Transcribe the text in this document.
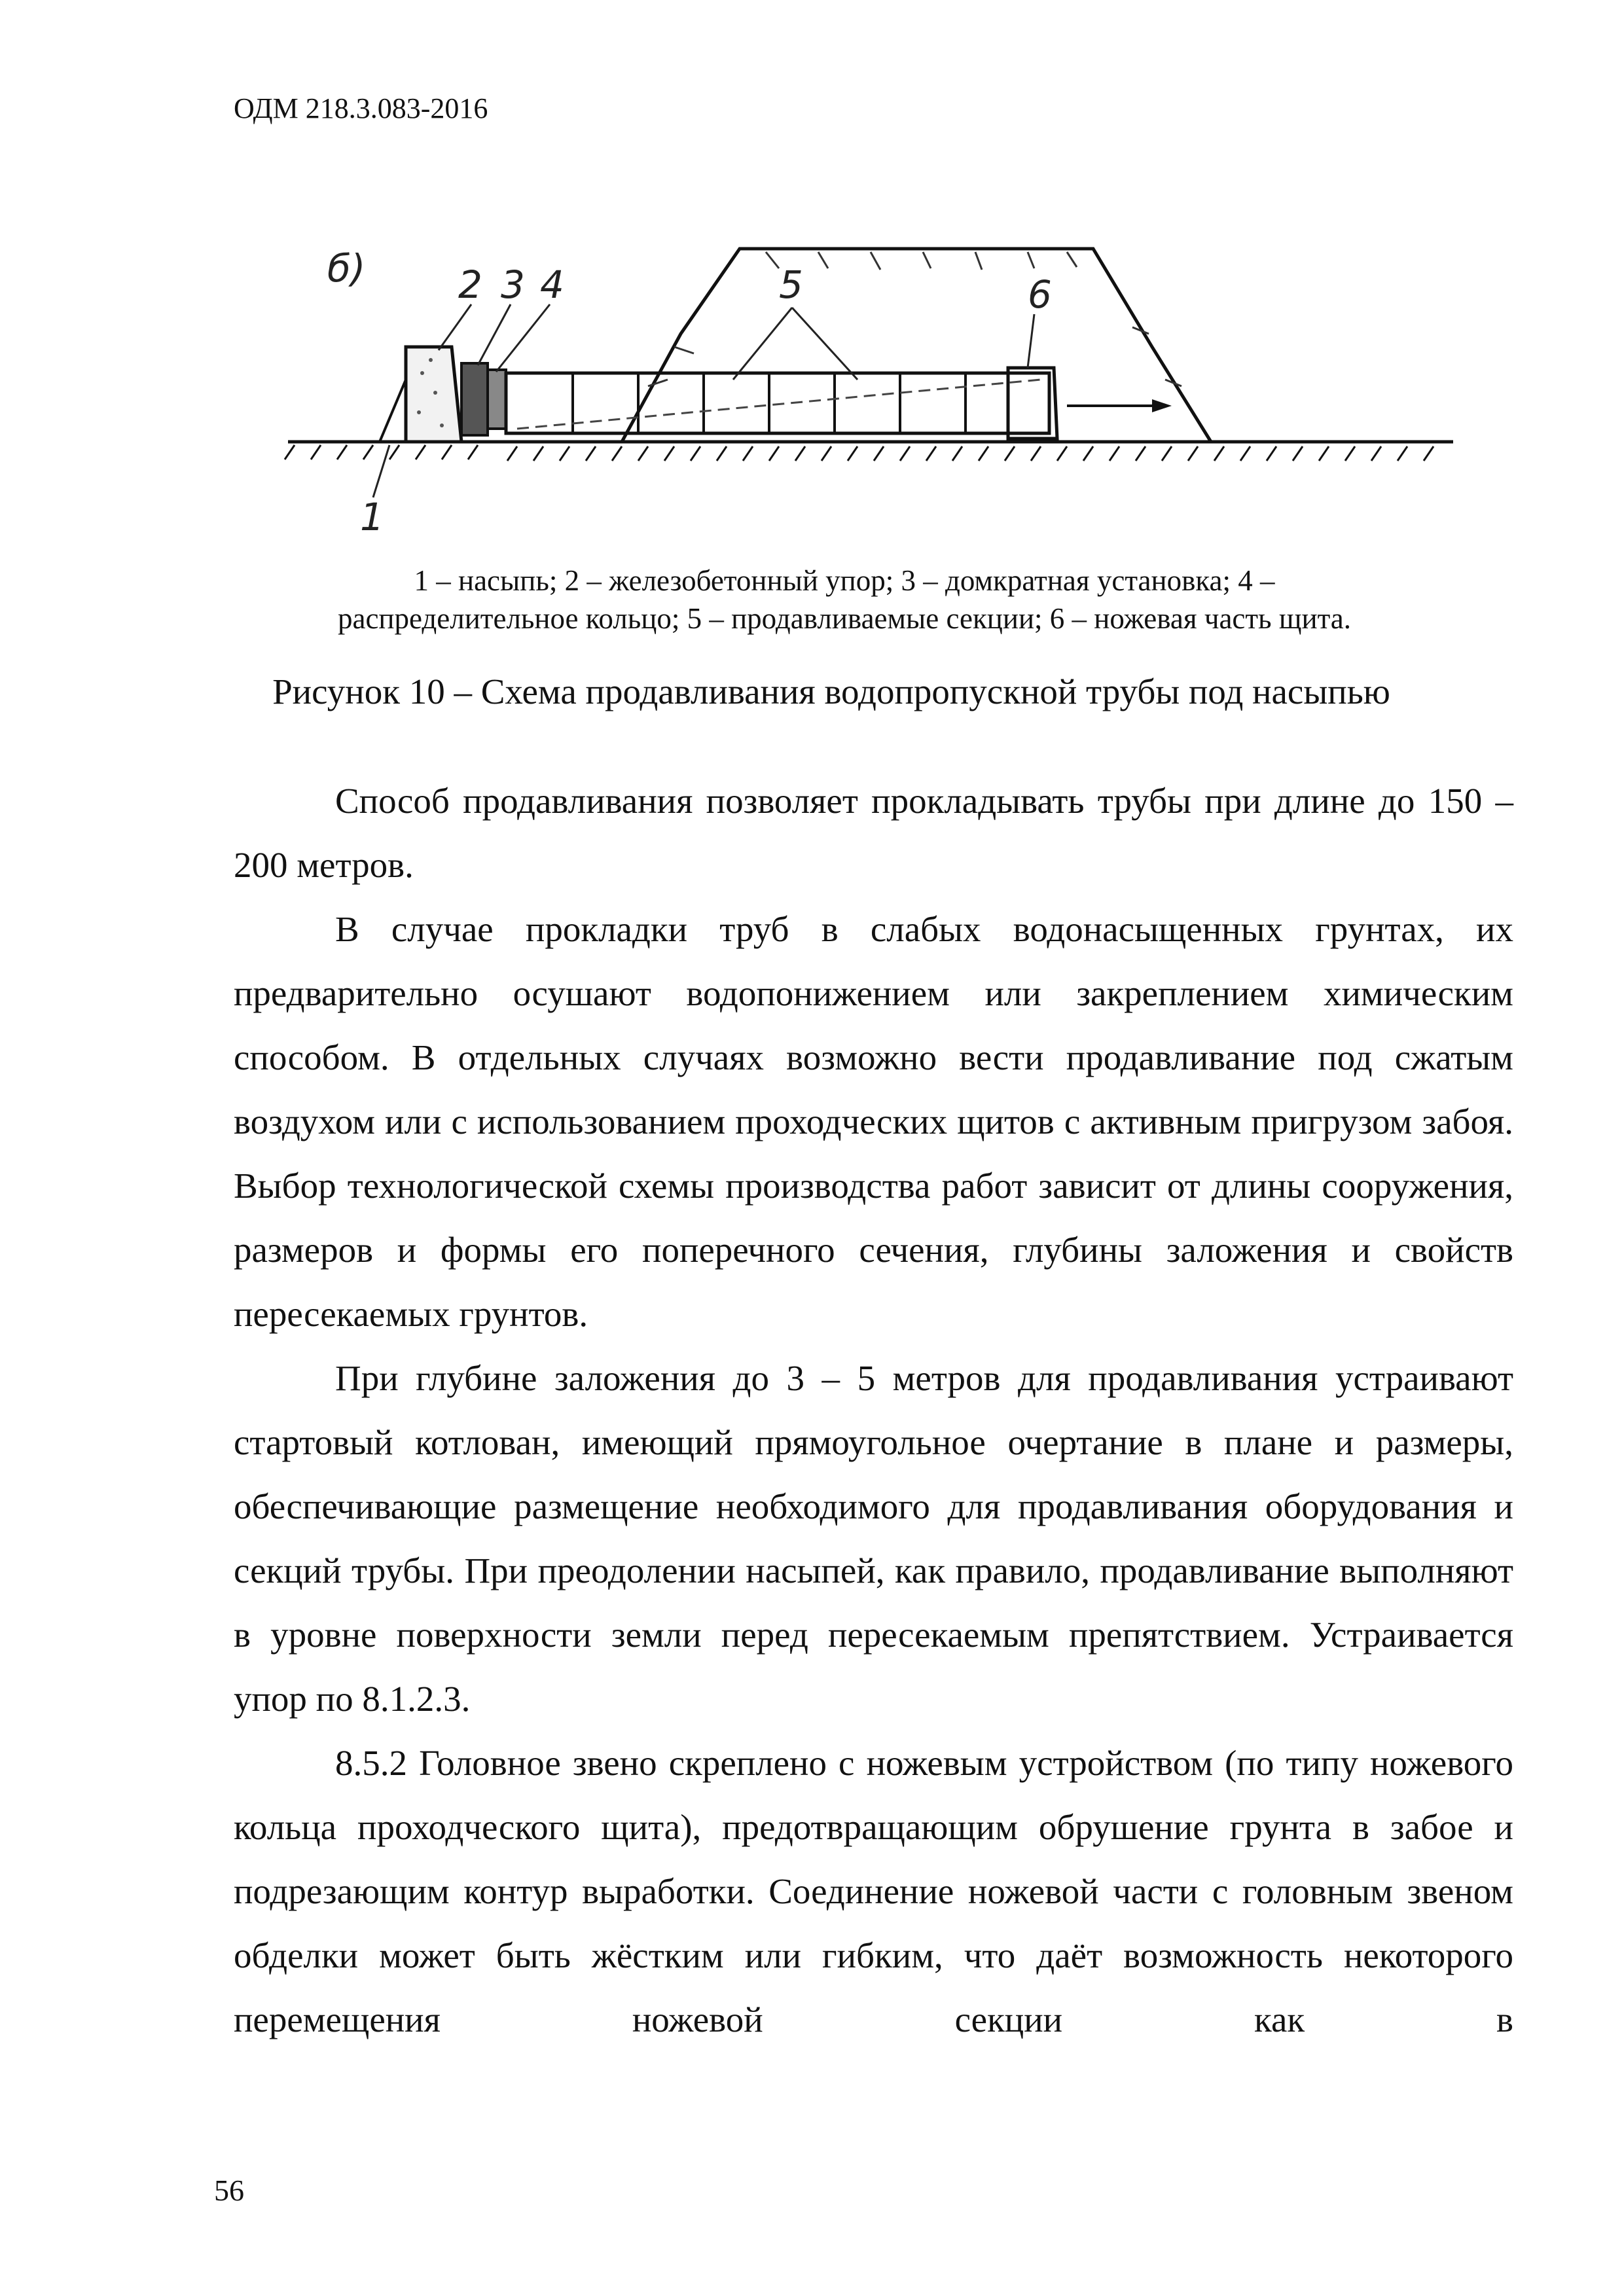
ОДМ 218.3.083-2016
б) 2 3 4	5	6
1
1 – насыпь; 2 – железобетонный упор; 3 – домкратная установка; 4 –
распределительное кольцо; 5 – продавливаемые секции; 6 – ножевая часть щита.
Рисунок 10 – Схема продавливания водопропускной трубы под насыпью

Способ продавливания позволяет прокладывать трубы при длине до 150 – 200 метров.

В случае прокладки труб в слабых водонасыщенных грунтах, их предварительно осушают водопонижением или закреплением химическим способом. В отдельных случаях возможно вести продавливание под сжатым воздухом или с использованием проходческих щитов с активным пригрузом забоя. Выбор технологической схемы производства работ зависит от длины сооружения, размеров и формы его поперечного сечения, глубины заложения и свойств пересекаемых грунтов.

При глубине заложения до 3 – 5 метров для продавливания устраивают стартовый котлован, имеющий прямоугольное очертание в плане и размеры, обеспечивающие размещение необходимого для продавливания оборудования и секций трубы. При преодолении насыпей, как правило, продавливание выполняют в уровне поверхности земли перед пересекаемым препятствием. Устраивается упор по 8.1.2.3.

8.5.2 Головное звено скреплено с ножевым устройством (по типу ножевого кольца проходческого щита), предотвращающим обрушение грунта в забое и подрезающим контур выработки. Соединение ножевой части с головным звеном обделки может быть жёстким или гибким, что даёт возможность некоторого перемещения ножевой секции как в

56
